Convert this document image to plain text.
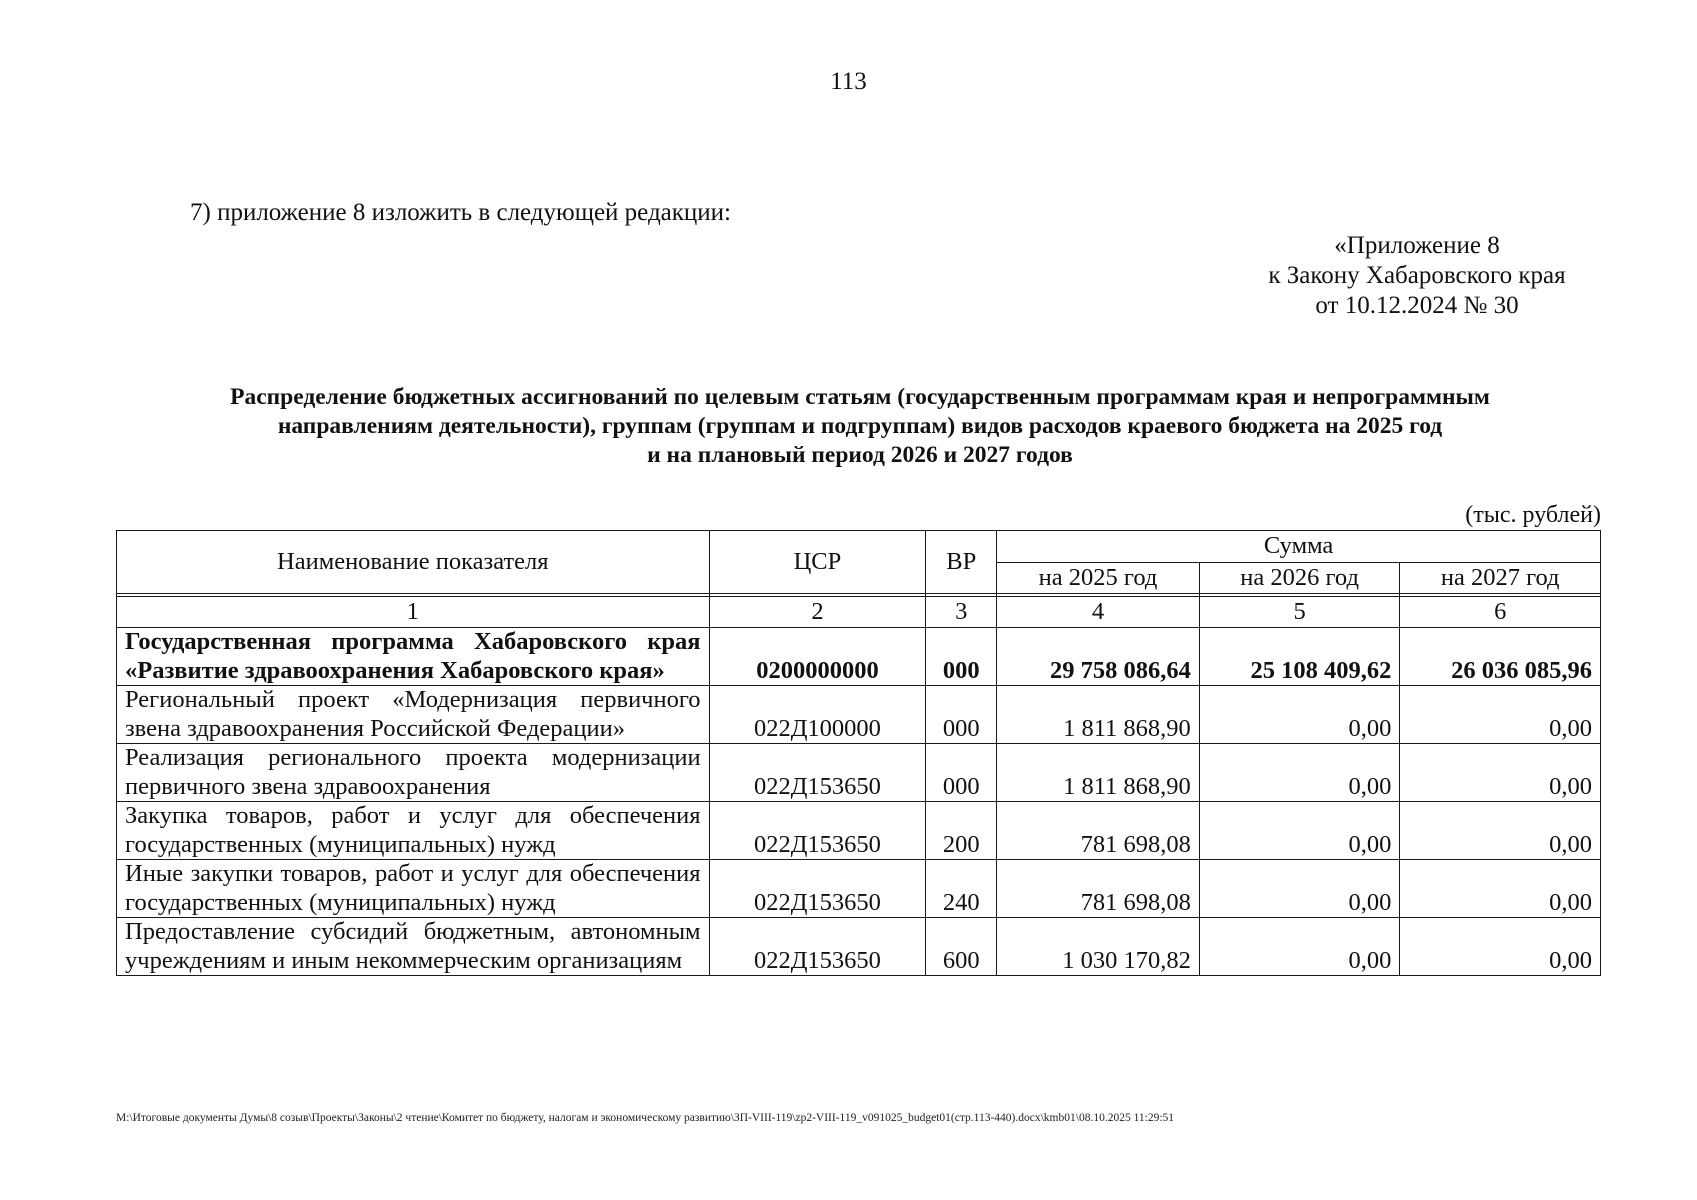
113
7) приложение 8 изложить в следующей редакции:
«Приложение 8
к Закону Хабаровского края
от 10.12.2024 № 30
Распределение бюджетных ассигнований по целевым статьям (государственным программам края и непрограммным
направлениям деятельности), группам (группам и подгруппам) видов расходов краевого бюджета на 2025 год
и на плановый период 2026 и 2027 годов
(тыс. рублей)
Наименование показателя	ЦСР	ВР	Сумма		
			на 2025 год	на 2026 год	на 2027 год

1	2	3	4	5	6
Государственная программа Хабаровского края «Развитие здравоохранения Хабаровского края»	0200000000	000	29 758 086,64	25 108 409,62	26 036 085,96
Региональный проект «Модернизация первичного звена здравоохранения Российской Федерации»	022Д100000	000	1 811 868,90	0,00	0,00
Реализация регионального проекта модернизации первичного звена здравоохранения	022Д153650	000	1 811 868,90	0,00	0,00
Закупка товаров, работ и услуг для обеспечения государственных (муниципальных) нужд	022Д153650	200	781 698,08	0,00	0,00
Иные закупки товаров, работ и услуг для обеспечения государственных (муниципальных) нужд	022Д153650	240	781 698,08	0,00	0,00
Предоставление субсидий бюджетным, автономным учреждениям и иным некоммерческим организациям	022Д153650	600	1 030 170,82	0,00	0,00
М:\Итоговые документы Думы\8 созыв\Проекты\Законы\2 чтение\Комитет по бюджету, налогам и экономическому развитию\ЗП-VIII-119\zp2-VIII-119_v091025_budget01(стр.113-440).docx\kmb01\08.10.2025 11:29:51
